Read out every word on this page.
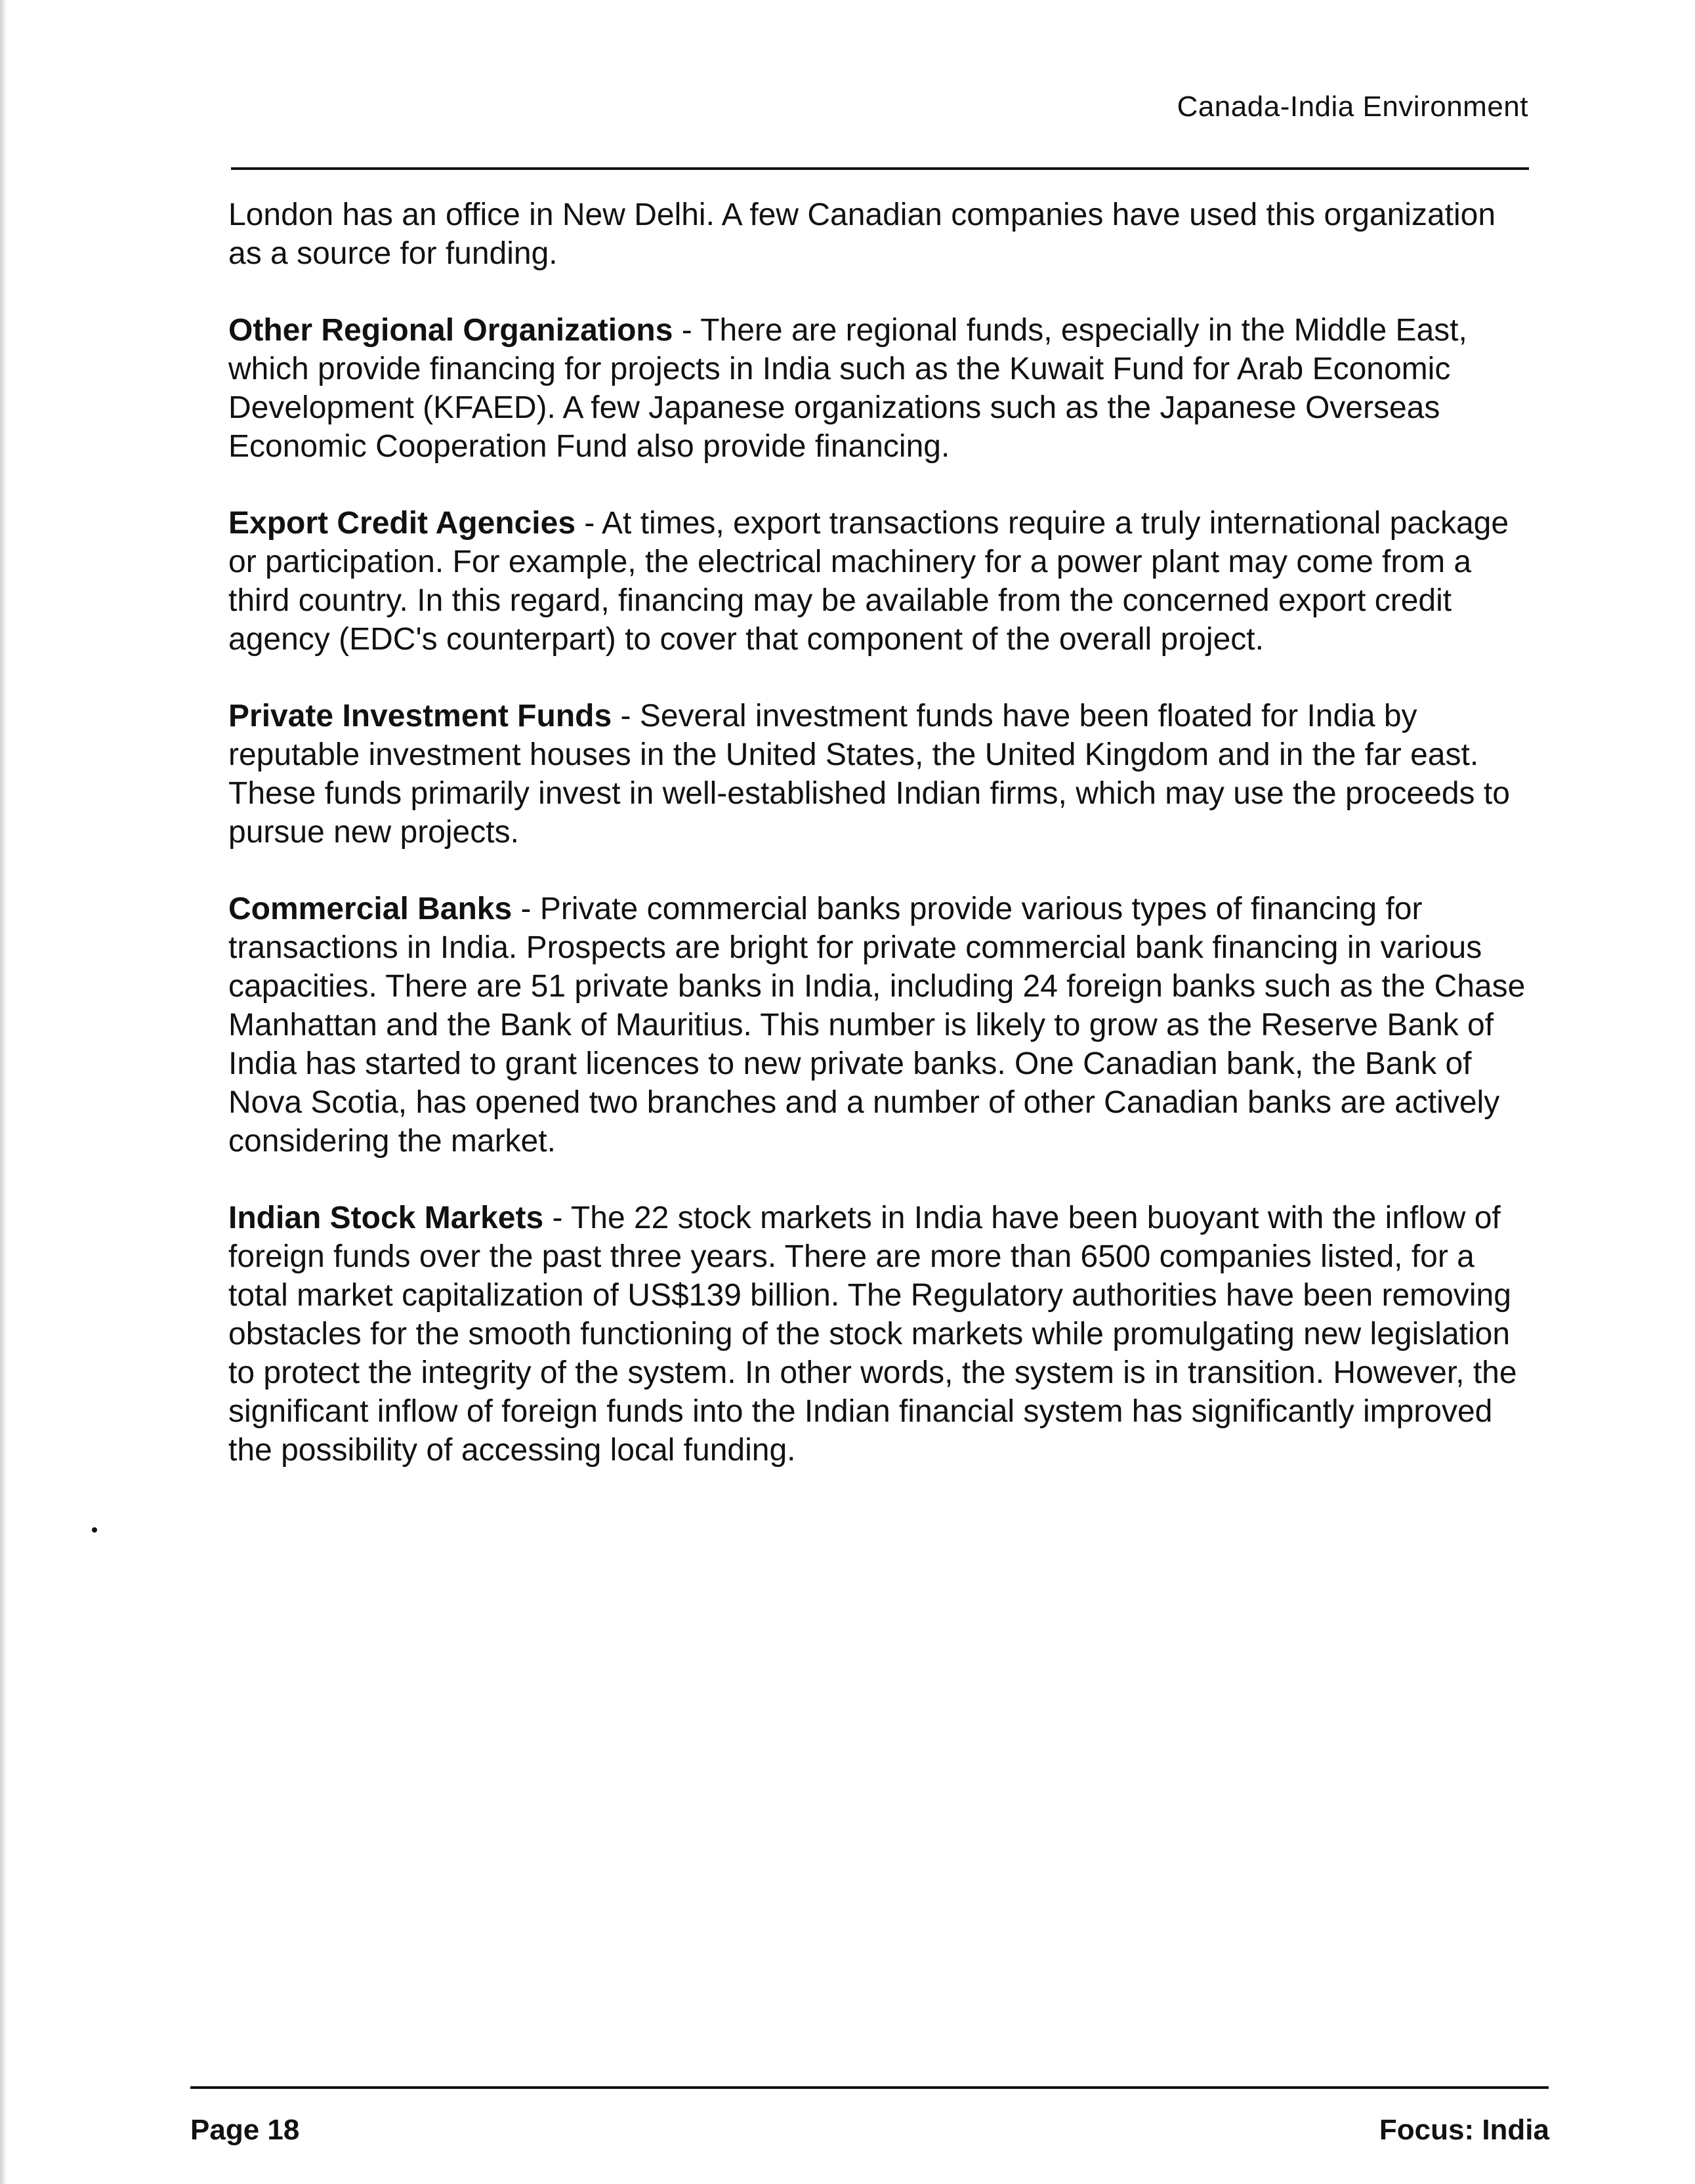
Canada-India Environment

London has an office in New Delhi. A few Canadian companies have used this organization as a source for funding.

Other Regional Organizations - There are regional funds, especially in the Middle East, which provide financing for projects in India such as the Kuwait Fund for Arab Economic Development (KFAED). A few Japanese organizations such as the Japanese Overseas Economic Cooperation Fund also provide financing.

Export Credit Agencies - At times, export transactions require a truly international package or participation. For example, the electrical machinery for a power plant may come from a third country. In this regard, financing may be available from the concerned export credit agency (EDC's counterpart) to cover that component of the overall project.

Private Investment Funds - Several investment funds have been floated for India by reputable investment houses in the United States, the United Kingdom and in the far east. These funds primarily invest in well-established Indian firms, which may use the proceeds to pursue new projects.

Commercial Banks - Private commercial banks provide various types of financing for transactions in India. Prospects are bright for private commercial bank financing in various capacities. There are 51 private banks in India, including 24 foreign banks such as the Chase Manhattan and the Bank of Mauritius. This number is likely to grow as the Reserve Bank of India has started to grant licences to new private banks. One Canadian bank, the Bank of Nova Scotia, has opened two branches and a number of other Canadian banks are actively considering the market.

Indian Stock Markets - The 22 stock markets in India have been buoyant with the inflow of foreign funds over the past three years. There are more than 6500 companies listed, for a total market capitalization of US$139 billion. The Regulatory authorities have been removing obstacles for the smooth functioning of the stock markets while promulgating new legislation to protect the integrity of the system. In other words, the system is in transition. However, the significant inflow of foreign funds into the Indian financial system has significantly improved the possibility of accessing local funding.

Page 18	Focus: India
